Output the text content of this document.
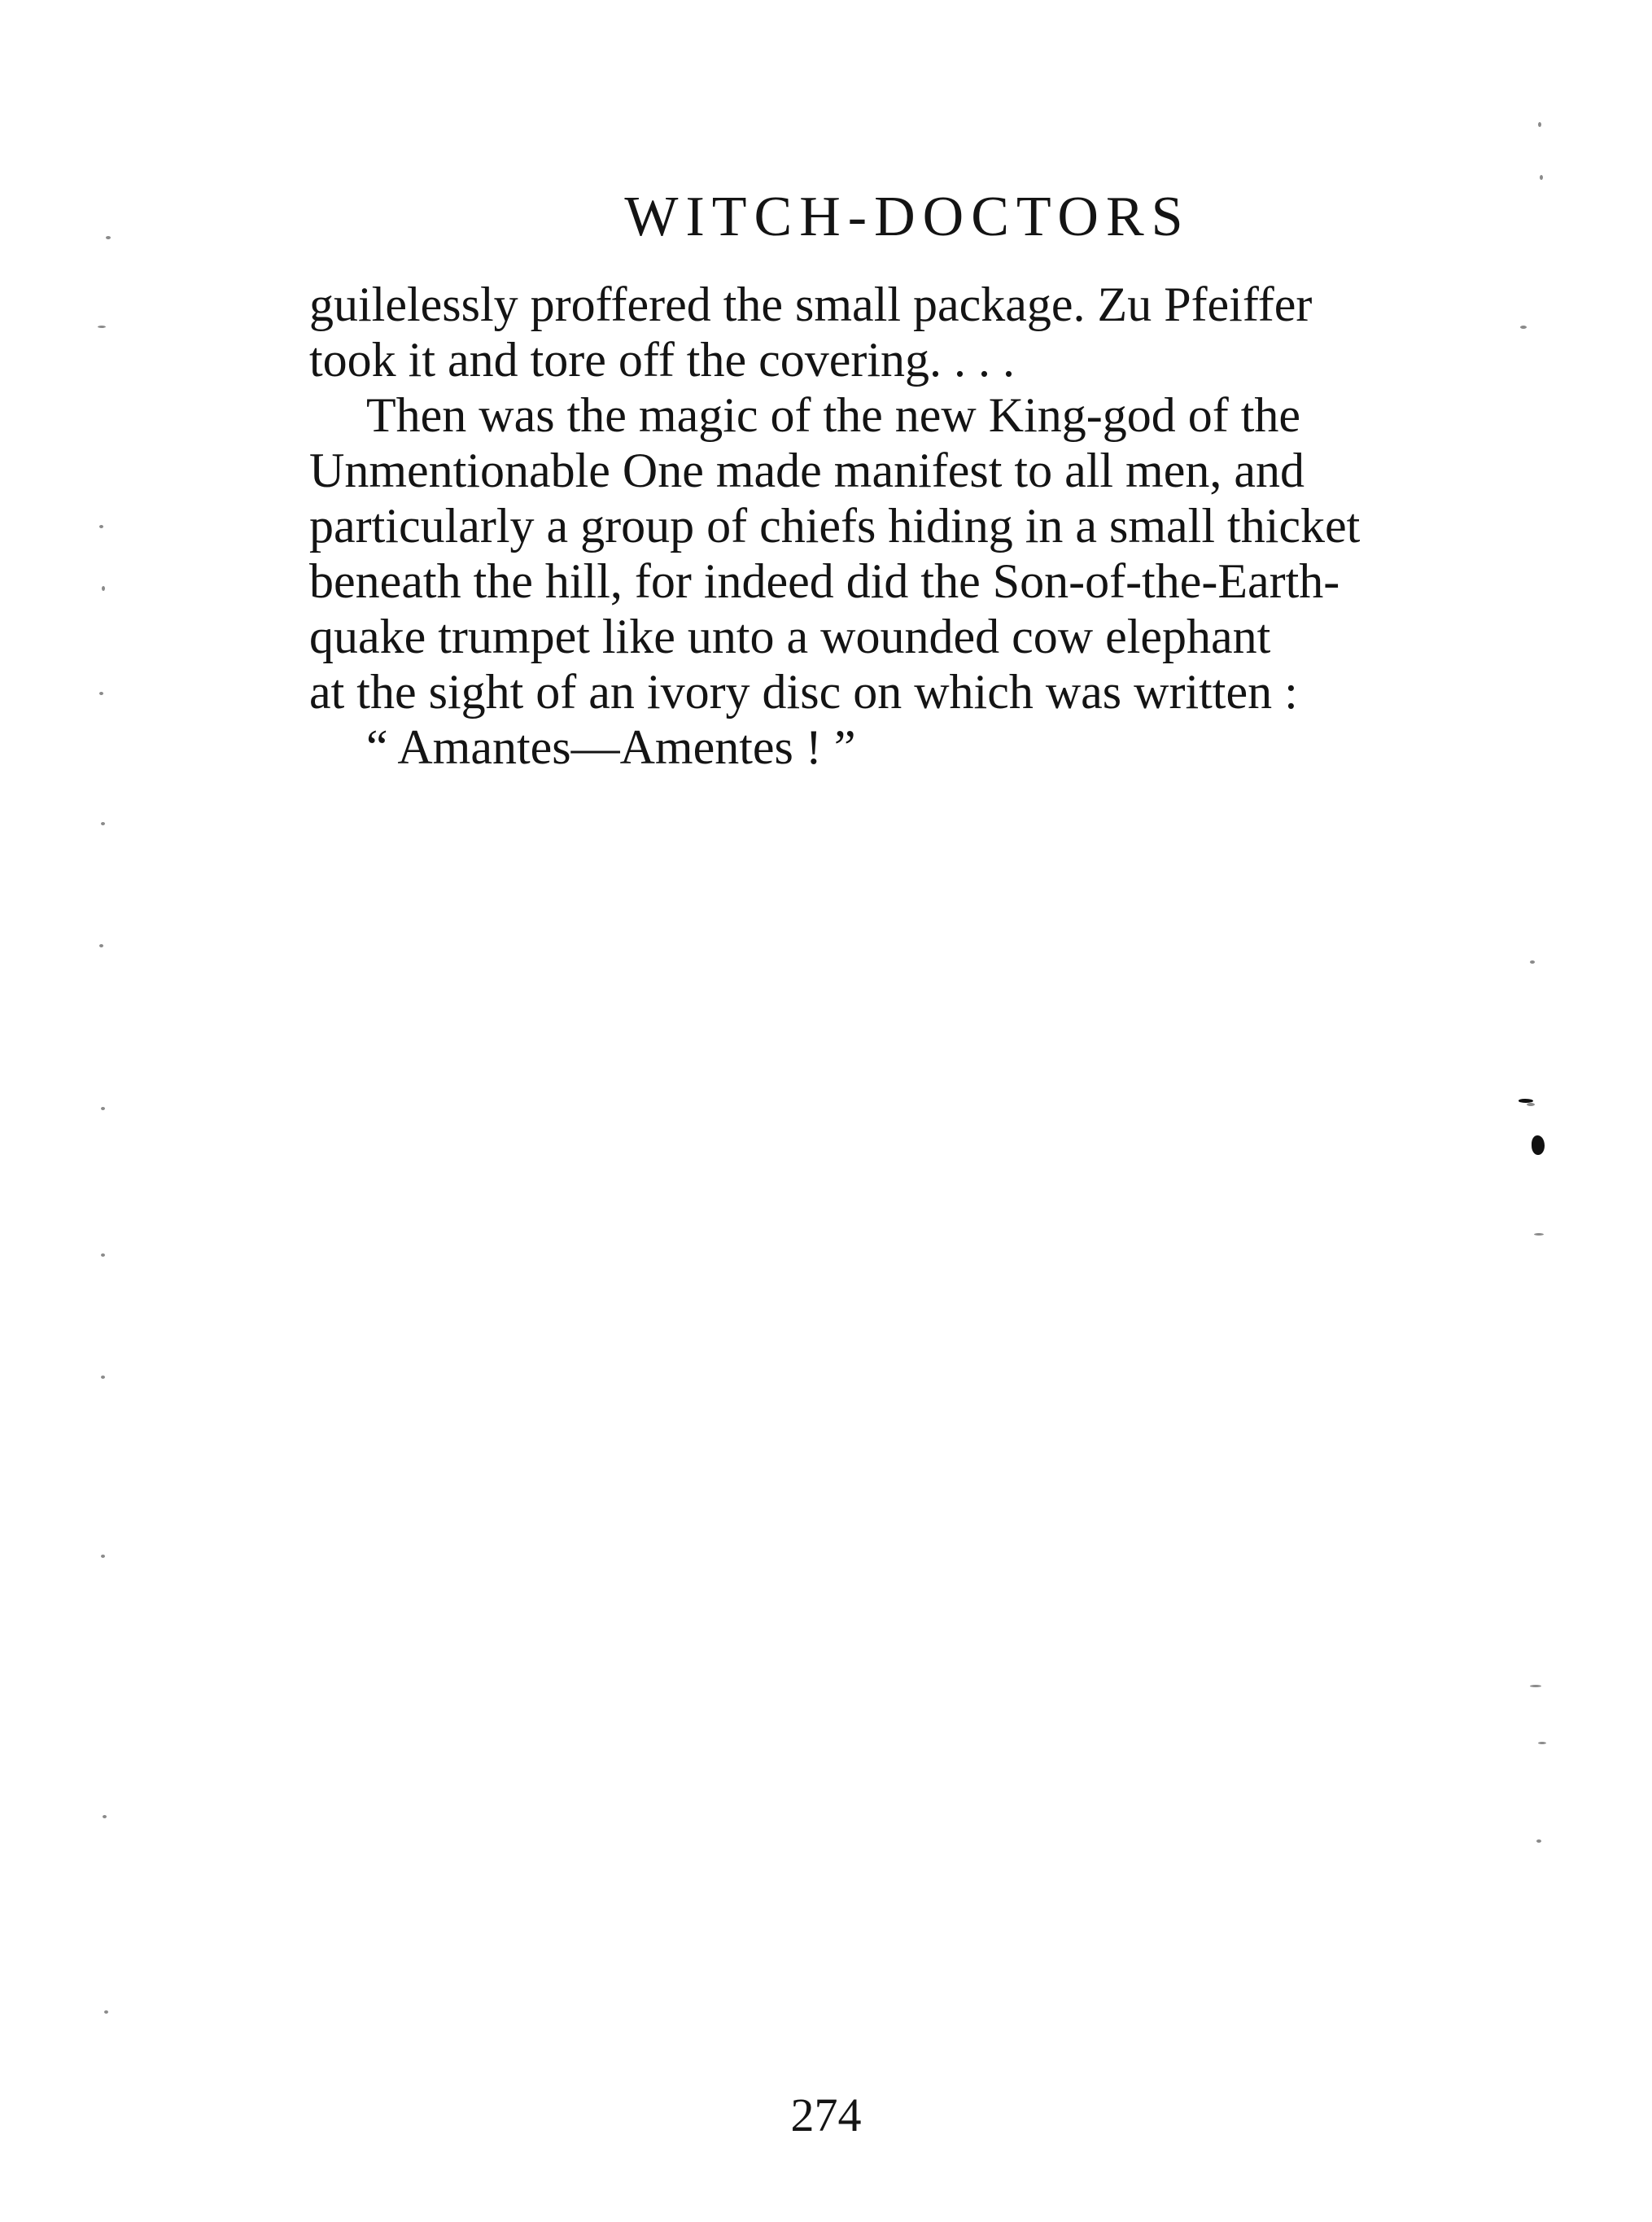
WITCH-DOCTORS

guilelessly proffered the small package. Zu Pfeiffer
took it and tore off the covering. . . .

Then was the magic of the new King-god of the
Unmentionable One made manifest to all men, and
particularly a group of chiefs hiding in a small thicket
beneath the hill, for indeed did the Son-of-the-Earth-
quake trumpet like unto a wounded cow elephant
at the sight of an ivory disc on which was written :

“ Amantes—Amentes ! ”

274
